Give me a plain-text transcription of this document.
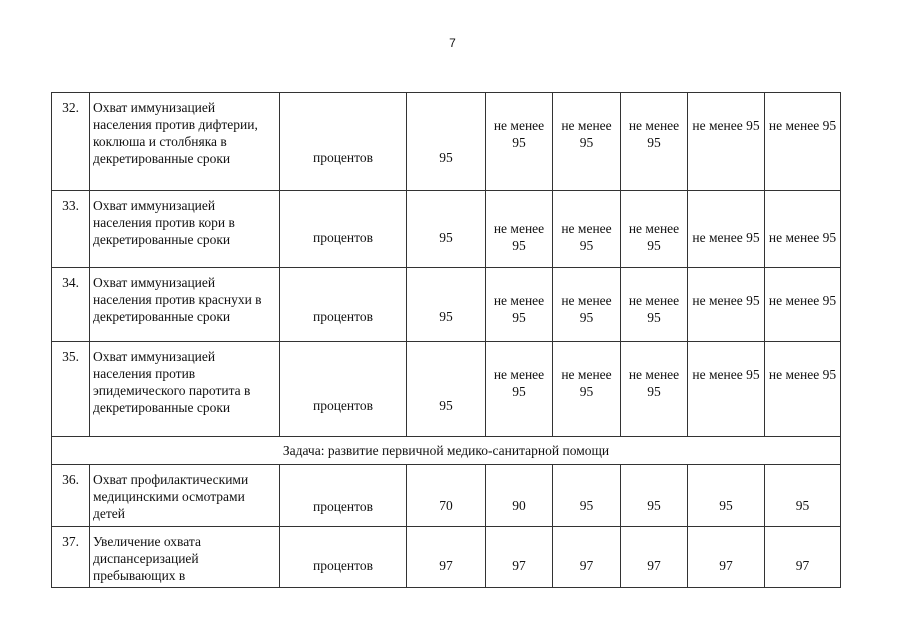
7
32.	Охват иммунизацией населения против дифтерии, коклюша и столбняка в декретированные сроки	процентов	95	не менее 95	не менее 95	не менее 95	не менее 95	не менее 95
33.	Охват иммунизацией населения против кори в декретированные сроки	процентов	95	не менее 95	не менее 95	не менее 95	не менее 95	не менее 95
34.	Охват иммунизацией населения против краснухи в декретированные сроки	процентов	95	не менее 95	не менее 95	не менее 95	не менее 95	не менее 95
35.	Охват иммунизацией населения против эпидемического паротита в декретированные сроки	процентов	95	не менее 95	не менее 95	не менее 95	не менее 95	не менее 95
Задача: развитие первичной медико-санитарной помощи								
36.	Охват профилактическими медицинскими осмотрами детей	процентов	70	90	95	95	95	95
37.	Увеличение охвата диспансеризацией пребывающих в	процентов	97	97	97	97	97	97
